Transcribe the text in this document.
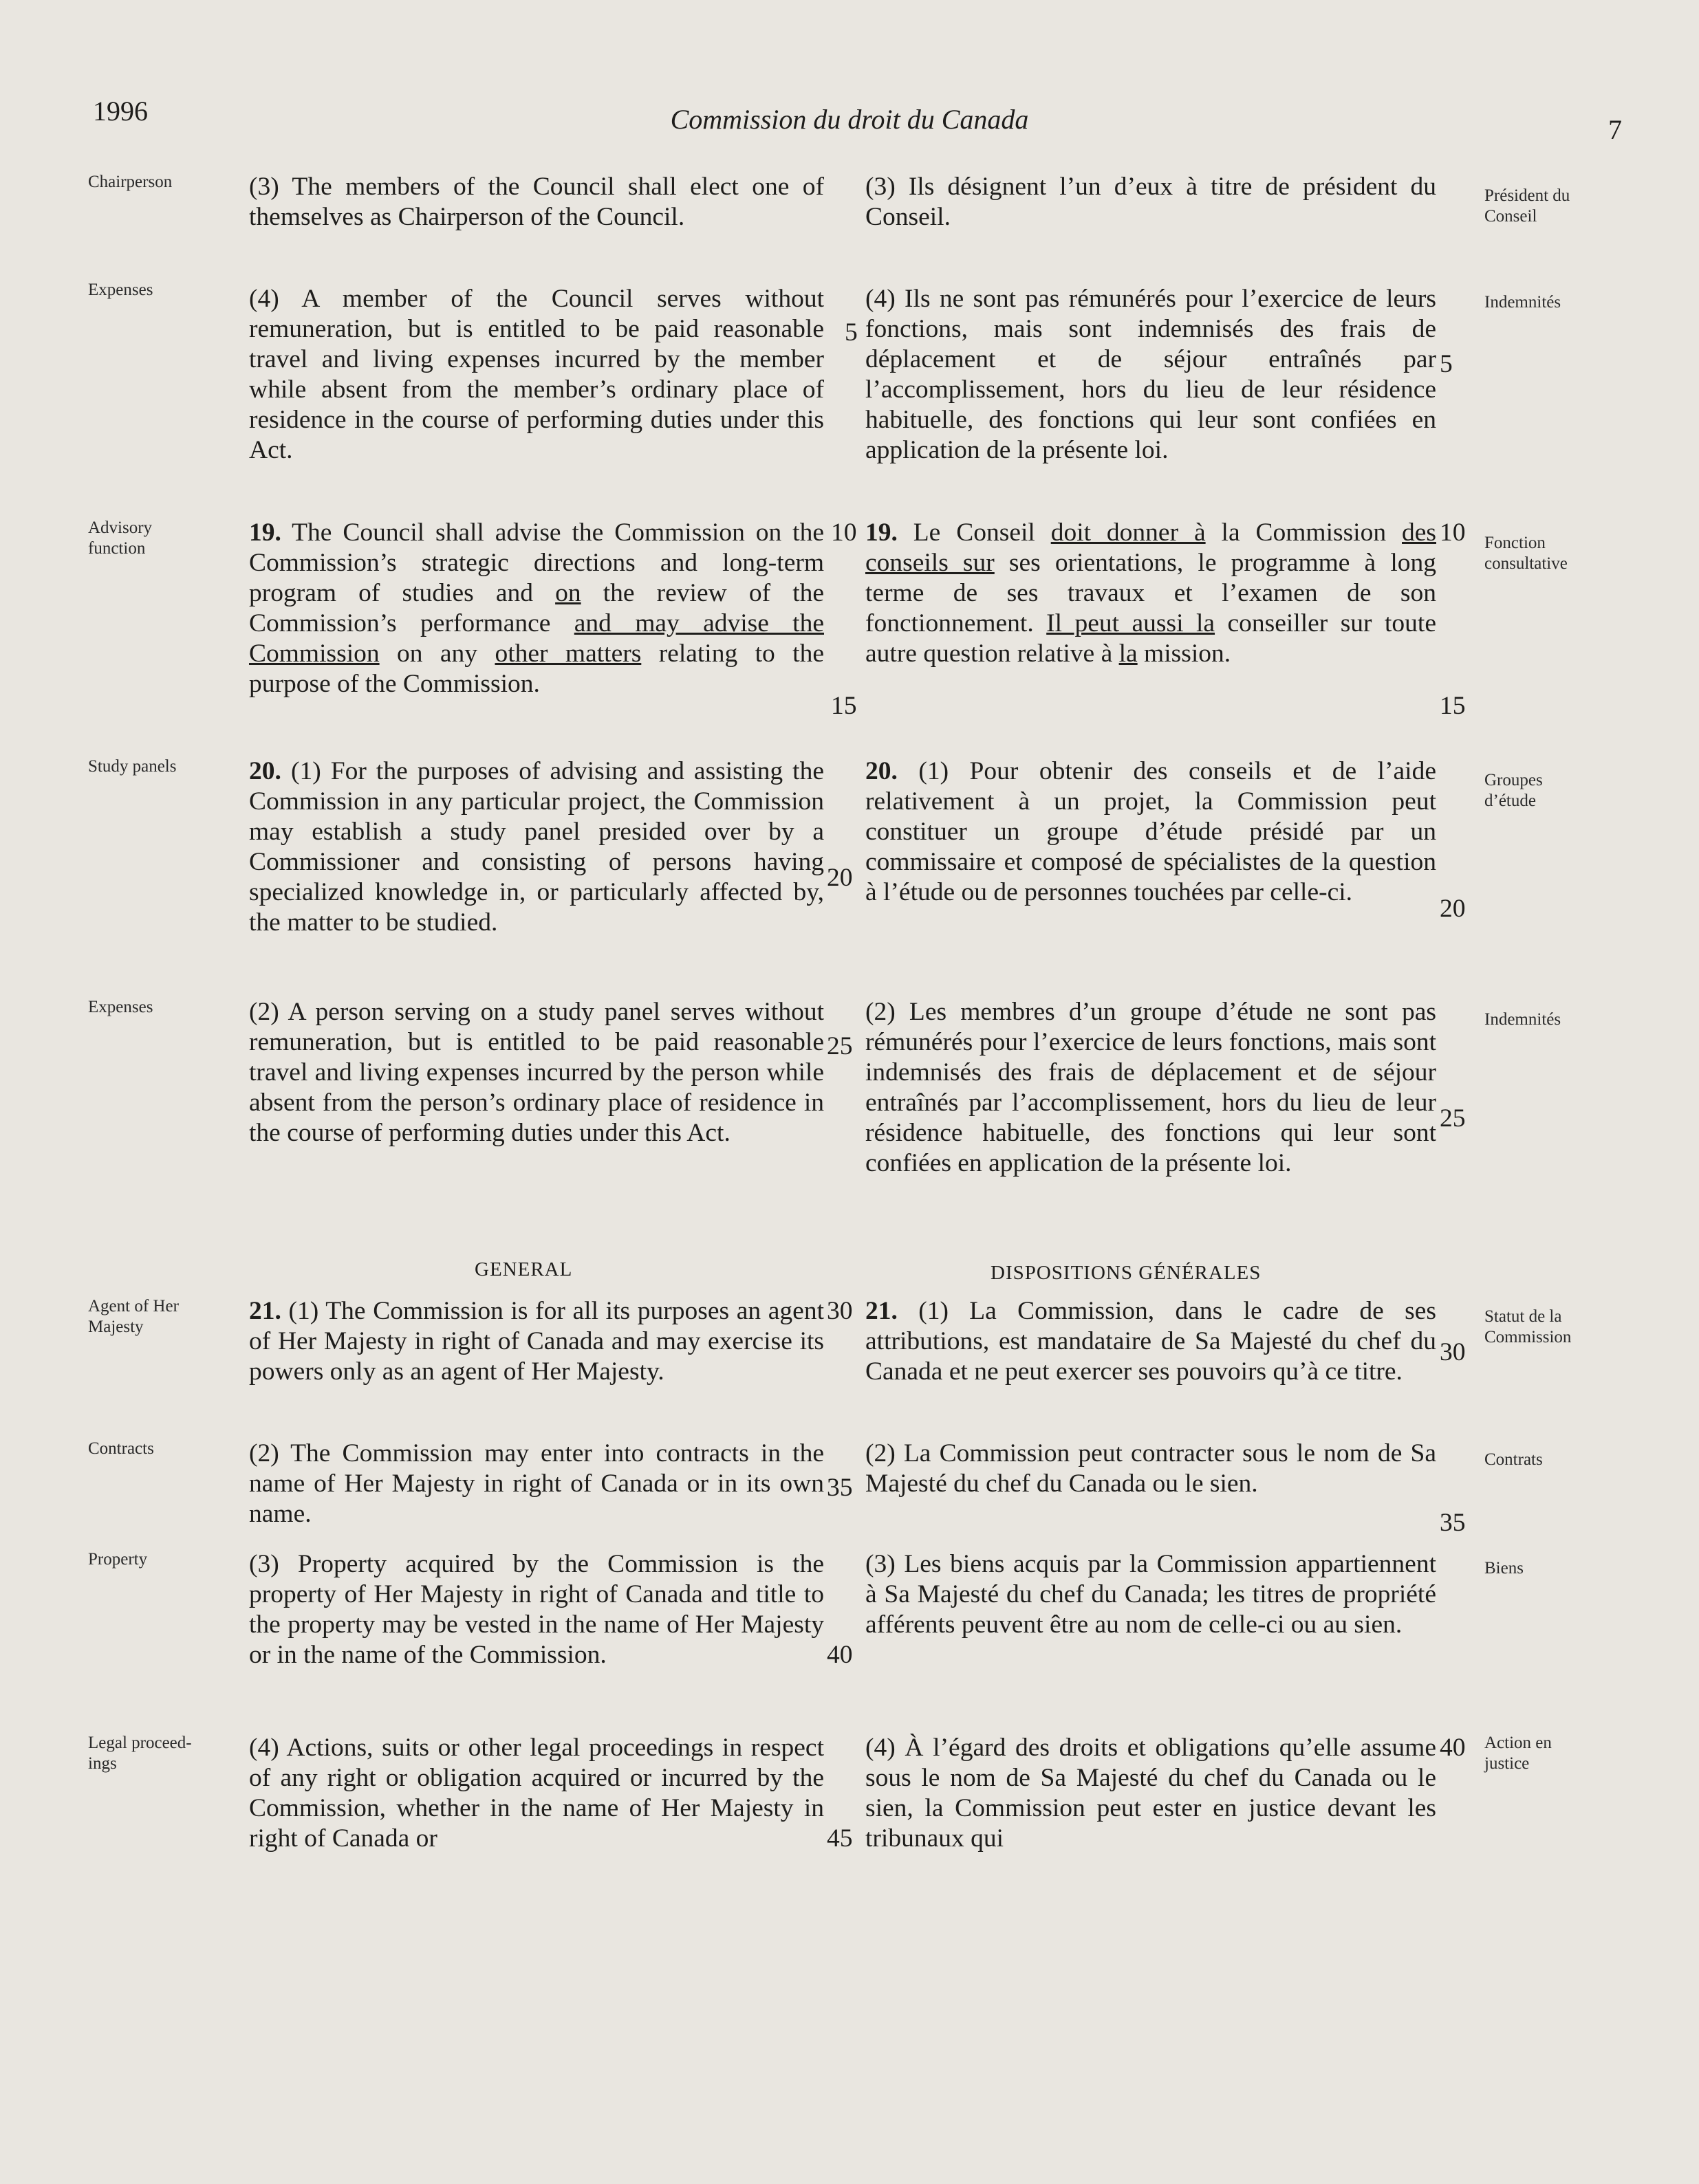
1996	Commission du droit du Canada	7
Chairperson
Expenses
Advisory function
Study panels
Expenses
Agent of Her Majesty
Contracts
Property
Legal proceed- ings
Président du Conseil
Indemnités
Fonction consultative
Groupes d’étude
Indemnités
Statut de la Commission
Contrats
Biens
Action en justice
(3) The members of the Council shall elect one of themselves as Chairperson of the Council.
(4) A member of the Council serves without remuneration, but is entitled to be paid reasonable travel and living expenses incurred by the member while absent from the member’s ordinary place of residence in the course of performing duties under this Act.
19. The Council shall advise the Commission on the Commission’s strategic directions and long-term program of studies and on the review of the Commission’s performance and may advise the Commission on any other matters relating to the purpose of the Commission.
20. (1) For the purposes of advising and assisting the Commission in any particular project, the Commission may establish a study panel presided over by a Commissioner and consisting of persons having specialized knowledge in, or particularly affected by, the matter to be studied.
(2) A person serving on a study panel serves without remuneration, but is entitled to be paid reasonable travel and living expenses incurred by the person while absent from the person’s ordinary place of residence in the course of performing duties under this Act.
GENERAL
21. (1) The Commission is for all its purposes an agent of Her Majesty in right of Canada and may exercise its powers only as an agent of Her Majesty.
(2) The Commission may enter into contracts in the name of Her Majesty in right of Canada or in its own name.
(3) Property acquired by the Commission is the property of Her Majesty in right of Canada and title to the property may be vested in the name of Her Majesty or in the name of the Commission.
(4) Actions, suits or other legal proceedings in respect of any right or obligation acquired or incurred by the Commission, whether in the name of Her Majesty in right of Canada or
(3) Ils désignent l’un d’eux à titre de président du Conseil.
(4) Ils ne sont pas rémunérés pour l’exercice de leurs fonctions, mais sont indemnisés des frais de déplacement et de séjour entraînés par l’accomplissement, hors du lieu de leur résidence habituelle, des fonctions qui leur sont confiées en application de la présente loi.
19. Le Conseil doit donner à la Commission des conseils sur ses orientations, le programme à long terme de ses travaux et l’examen de son fonctionnement. Il peut aussi la conseiller sur toute autre question relative à la mission.
20. (1) Pour obtenir des conseils et de l’aide relativement à un projet, la Commission peut constituer un groupe d’étude présidé par un commissaire et composé de spécialistes de la question à l’étude ou de personnes touchées par celle-ci.
(2) Les membres d’un groupe d’étude ne sont pas rémunérés pour l’exercice de leurs fonctions, mais sont indemnisés des frais de déplacement et de séjour entraînés par l’accomplissement, hors du lieu de leur résidence habituelle, des fonctions qui leur sont confiées en application de la présente loi.
DISPOSITIONS GÉNÉRALES
21. (1) La Commission, dans le cadre de ses attributions, est mandataire de Sa Majesté du chef du Canada et ne peut exercer ses pouvoirs qu’à ce titre.
(2) La Commission peut contracter sous le nom de Sa Majesté du chef du Canada ou le sien.
(3) Les biens acquis par la Commission appartiennent à Sa Majesté du chef du Canada; les titres de propriété afférents peuvent être au nom de celle-ci ou au sien.
(4) À l’égard des droits et obligations qu’elle assume sous le nom de Sa Majesté du chef du Canada ou le sien, la Commission peut ester en justice devant les tribunaux qui
5
10
15
20
25
30
35
40
45
5
10
15
20
25
30
35
40
